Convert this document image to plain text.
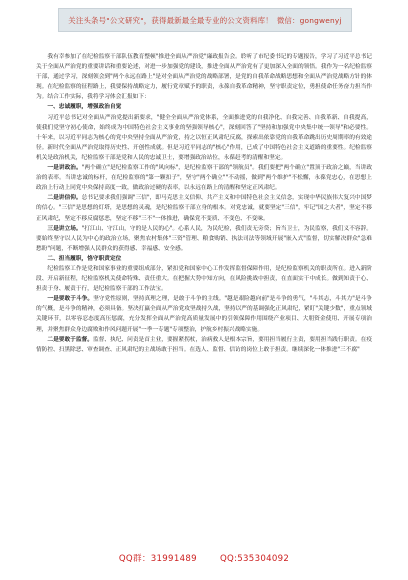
关注头条号"公文研究"，获得最新最全最专业的公文资料库！ 微信：gongwenyj

我有幸参加了在纪检监察干部队伍教育整顿"推进全面从严治党"廉政报告会。聆听了市纪委书记的专题报告，学习了习近平总书记关于全面从严治党的重要讲话和重要论述，对进一步加强党的建设，推进全面从严治党有了更加深入全面的领悟。我作为一名纪检监察干部，通过学习，深刻领会到"两个永远在路上"是对全面从严治党的战略部署，是党的自我革命战略思想和全面从严治党战略方针的体现。在纪检监察的征程路上，我要保持战略定力，履行党章赋予的职责，永葆自我革命精神，坚守职责定位，勇担使命任务奋力担当作为。结合工作实际，我将学习体会汇报如下：

一、忠诚履职，增强政治自觉

习近平总书记对全面从严治党提出新要求，"健全全面从严治党体系，全面推进党的自我净化、自我完善、自我革新、自我提高，使我们党坚守初心使命，始终成为中国特色社会主义事业的坚强领导核心"，深刻回答了"坚持和加强党中央集中统一领导"和必要性。十年来，以习近平同志为核心的党中央坚持全面从严治党，持之以恒正风肃纪反腐，探索出依靠党的自我革命跳出历史周期率的有效途径。新时代全面从严治党取得历史性、开创性成就。但是习近平同志的"核心"作用，已成了中国特色社会主义道路的重要性。纪检监察机关是政治机关，纪检监察干部是党和人民的忠诚卫士，要增强政治站位，永葆赶考的清醒和坚定。

一是讲政治。"两个确立"是纪检监察工作的"风向标"，是纪检监察干部的"领航员"。我们要把"两个确立"置顶于政治之巅，当讲政治的表率。当讲忠诚的标杆，在纪检监察的"第一颗扣子"，坚守"两个确立""不动摇，做到"两个维护"不松懈，永葆党忠心，在思想上政治上行动上同党中央保持高度一致，做政治过硬的表率，以永远在路上的清醒和坚定正风肃纪。

二是讲信仰。总书记要求我们强调"三信"，即马克思主义信仰、共产主义和中国特色社会主义信念，实现中华民族伟大复兴中国梦的信心。"三信"是思想的灯塔，是思想的灵魂，是纪检监察干部立身的根本。对党忠诚，就要坚定"三信"，牢记"国之大者"，坚定不移正风肃纪，坚定不移反腐惩恶，坚定不移"三不"一体推进，确保党不变质、不变色、不变味。

三是讲立场。"打江山、守江山，守的是人民的心"。心系人民，为民纪检，我们责无旁贷；旨当卫士，为民监察，我们义不容辞。要始终坚守以人民为中心的政治立场，聚焦农村集体"三资"管理、粮食购销、执法司法等领域开展"嵌入式"监督，切实解决群众"急难愁盼"问题，不断增强人民群众的获得感、幸福感、安全感。

二、担当履职，恪守职责定位

纪检监察工作是党和国家事业的重要组成部分，紧扣党和国家中心工作发挥监督保障作用，是纪检监察机关的职责所在。进入新阶段、开启新征程，纪检监察机关使命特殊、责任重大。在把握大势中知方向，在风险挑战中担责，在直面实干中成长。做到知责于心、担责于身、履责于行，是纪检监察干部的工作法宝。

一是要敢于斗争。坚守党性原则，坚持真理之理，是敢于斗争的主线。"越是艰险越向前"是斗争的勇气，"斗其志，斗其力"是斗争的气概，是斗争的精神，必须具备。坚决打赢全面从严治党攻坚战持久战，坚持以严的基调强化正风肃纪，紧盯"关键少数"，重点领域关键环节，以零容忍态度高压惩腐，充分发挥全面从严治党高质量发展中的引领保障作用围绕产业项目、大朋资金使用、开展专项治理，并聚焦群众身边腐败和作风问题开展"一季一专题"专项整治，护航乡村振兴战略实施。

二是要敢于监督。监督、执纪、问责是首主业，要握紧拐杖，治病救人是根本宗旨，要用担当履行主责，要用担当践行职责。在疫情防控、扫黑除恶、审查调查、正风肃纪的主战场敢于担当。在选人、监督、信访的岗位上敢于担责。继续深化一体推进"三不腐"

QQ群：31991489	QQ:535304092
